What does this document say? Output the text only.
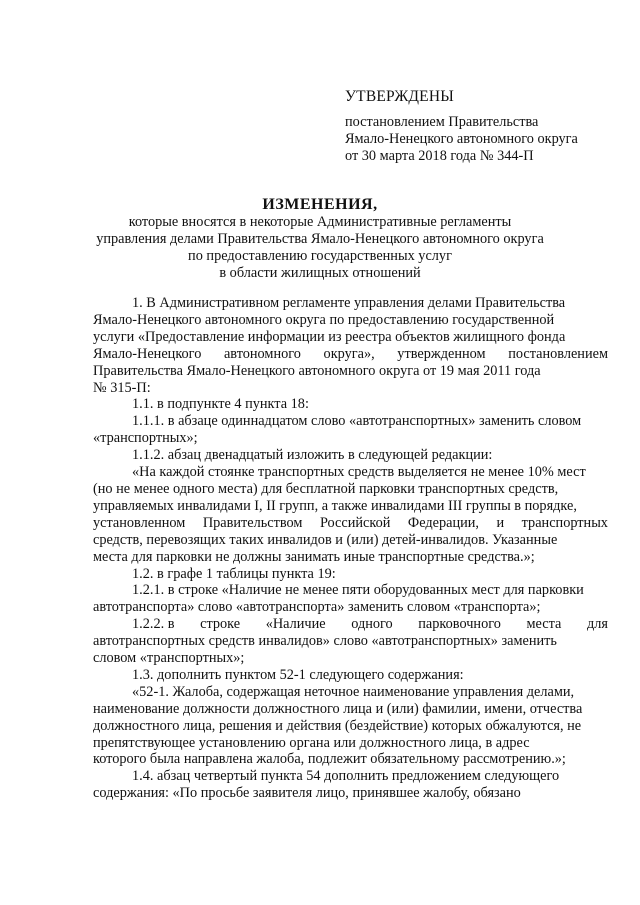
УТВЕРЖДЕНЫ
постановлением Правительства
Ямало-Ненецкого автономного округа
от 30 марта 2018 года № 344-П
ИЗМЕНЕНИЯ,
которые вносятся в некоторые Административные регламенты
управления делами Правительства Ямало-Ненецкого автономного округа
по предоставлению государственных услуг
в области жилищных отношений
1. В Административном регламенте управления делами Правительства
Ямало-Ненецкого автономного округа по предоставлению государственной
услуги «Предоставление информации из реестра объектов жилищного фонда
Ямало-Ненецкого автономного округа», утвержденном постановлением
Правительства Ямало-Ненецкого автономного округа от 19 мая 2011 года
№ 315-П:
1.1. в подпункте 4 пункта 18:
1.1.1. в абзаце одиннадцатом слово «автотранспортных» заменить словом
«транспортных»;
1.1.2. абзац двенадцатый изложить в следующей редакции:
«На каждой стоянке транспортных средств выделяется не менее 10% мест
(но не менее одного места) для бесплатной парковки транспортных средств,
управляемых инвалидами I, II групп, а также инвалидами III группы в порядке,
установленном Правительством Российской Федерации, и транспортных
средств, перевозящих таких инвалидов и (или) детей-инвалидов. Указанные
места для парковки не должны занимать иные транспортные средства.»;
1.2. в графе 1 таблицы пункта 19:
1.2.1. в строке «Наличие не менее пяти оборудованных мест для парковки
автотранспорта» слово «автотранспорта» заменить словом «транспорта»;
1.2.2. в строке «Наличие одного парковочного места для
автотранспортных средств инвалидов» слово «автотранспортных» заменить
словом «транспортных»;
1.3. дополнить пунктом 52-1 следующего содержания:
«52-1. Жалоба, содержащая неточное наименование управления делами,
наименование должности должностного лица и (или) фамилии, имени, отчества
должностного лица, решения и действия (бездействие) которых обжалуются, не
препятствующее установлению органа или должностного лица, в адрес
которого была направлена жалоба, подлежит обязательному рассмотрению.»;
1.4. абзац четвертый пункта 54 дополнить предложением следующего
содержания: «По просьбе заявителя лицо, принявшее жалобу, обязано
